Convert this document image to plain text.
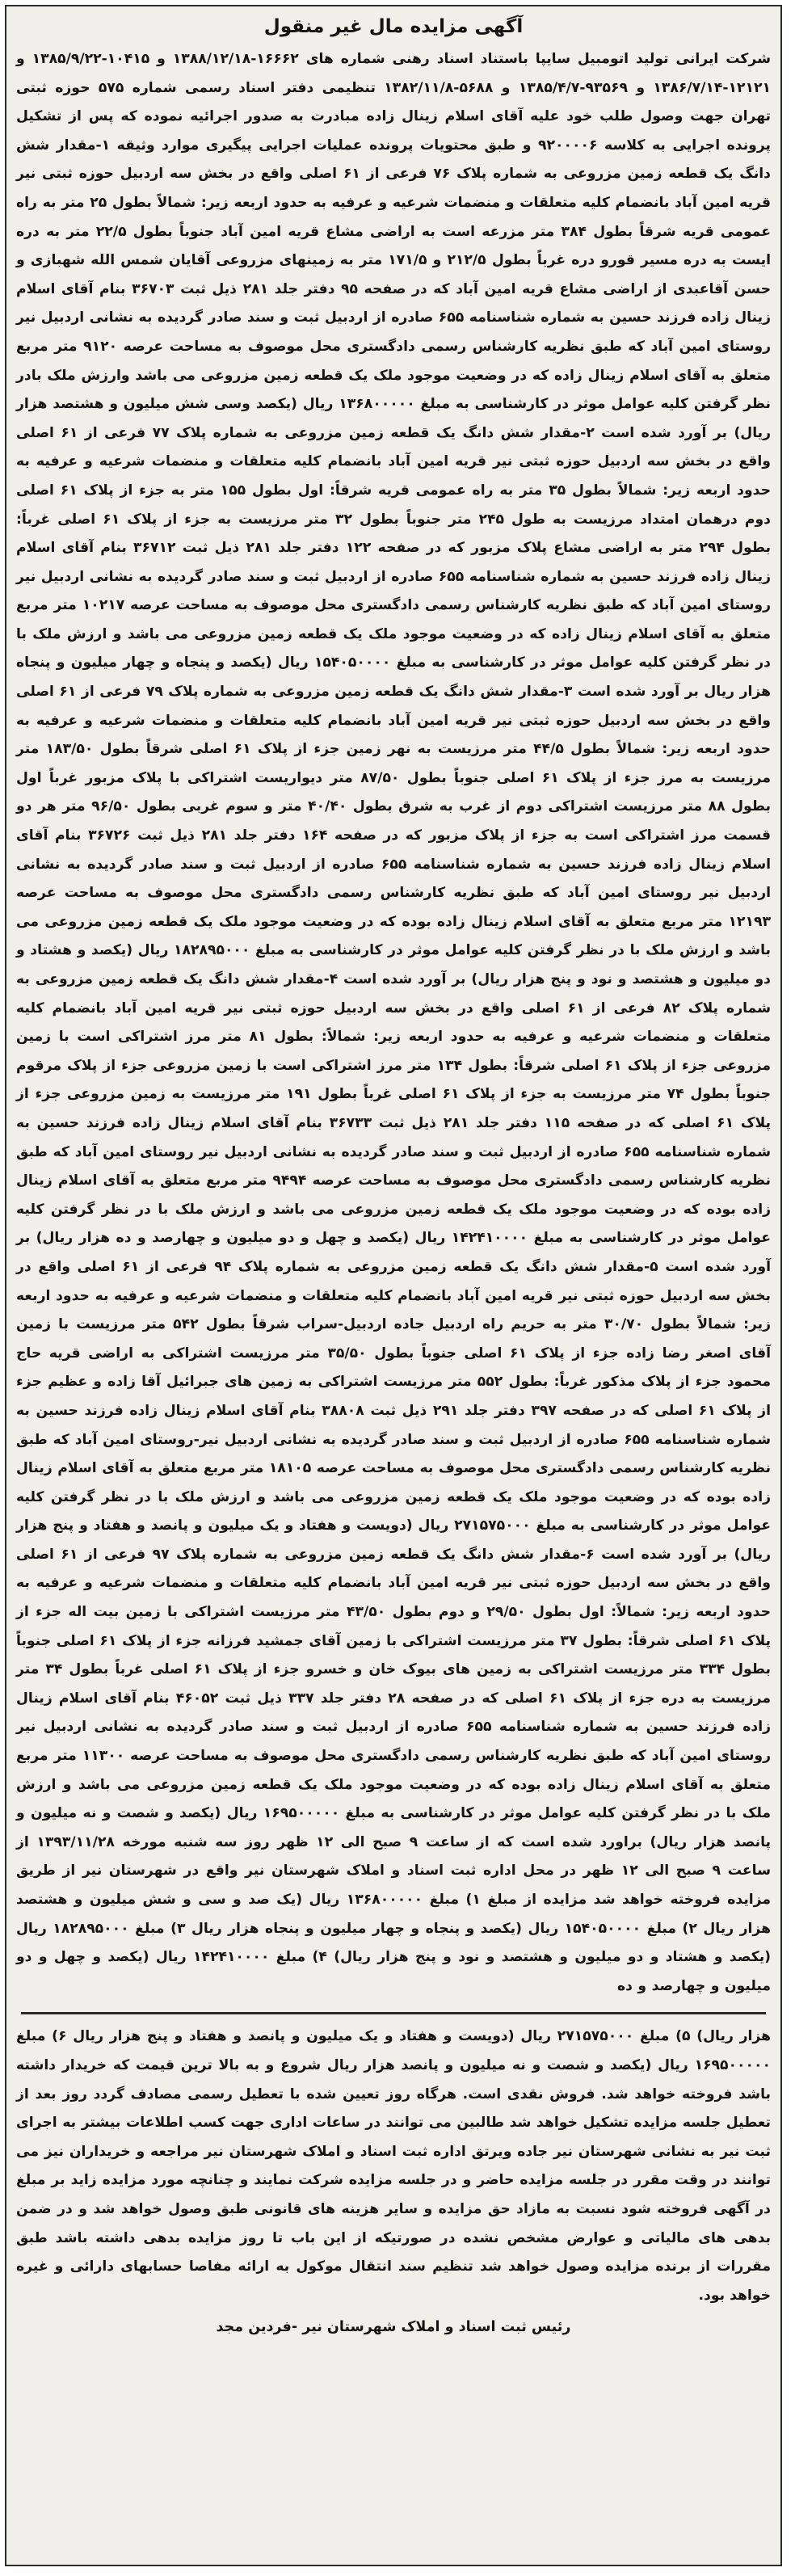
آگهی مزایده مال غیر منقول

شرکت ایرانی تولید اتومبیل سایپا باستناد اسناد رهنی شماره های ۱۶۶۶۲-۱۳۸۸/۱۲/۱۸ و ۱۰۴۱۵-۱۳۸۵/۹/۲۲ و ۱۲۱۲۱-۱۳۸۶/۷/۱۴ و ۹۳۵۶۹-۱۳۸۵/۴/۷ و ۵۶۸۸-۱۳۸۲/۱۱/۸ تنظیمی دفتر اسناد رسمی شماره ۵۷۵ حوزه ثبتی تهران جهت وصول طلب خود علیه آقای اسلام زینال زاده مبادرت به صدور اجرائیه نموده که پس از تشکیل پرونده اجرایی به کلاسه ۹۲۰۰۰۰۶ و طبق محتویات پرونده عملیات اجرایی پیگیری موارد وثیقه ۱-مقدار شش دانگ یک قطعه زمین مزروعی به شماره پلاک ۷۶ فرعی از ۶۱ اصلی واقع در بخش سه اردبیل حوزه ثبتی نیر قریه امین آباد بانضمام کلیه متعلقات و منضمات شرعیه و عرفیه به حدود اربعه زیر: شمالاً بطول ۲۵ متر به راه عمومی قریه شرقاً بطول ۳۸۴ متر مزرعه است به اراضی مشاع قریه امین آباد جنوباً بطول ۲۲/۵ متر به دره ایست به دره مسیر قورو دره غرباً بطول ۲۱۲/۵ و ۱۷۱/۵ متر به زمینهای مزروعی آقایان شمس الله شهبازی و حسن آقاعبدی از اراضی مشاع قریه امین آباد که در صفحه ۹۵ دفتر جلد ۲۸۱ ذیل ثبت ۳۶۷۰۳ بنام آقای اسلام زینال زاده فرزند حسین به شماره شناسنامه ۶۵۵ صادره از اردبیل ثبت و سند صادر گردیده به نشانی اردبیل نیر روستای امین آباد که طبق نظریه کارشناس رسمی دادگستری محل موصوف به مساحت عرصه ۹۱۲۰ متر مربع متعلق به آقای اسلام زینال زاده که در وضعیت موجود ملک یک قطعه زمین مزروعی می باشد وارزش ملک بادر نظر گرفتن کلیه عوامل موثر در کارشناسی به مبلغ ۱۳۶۸۰۰۰۰۰ ریال (یکصد وسی شش میلیون و هشتصد هزار ریال) بر آورد شده است ۲-مقدار شش دانگ یک قطعه زمین مزروعی به شماره پلاک ۷۷ فرعی از ۶۱ اصلی واقع در بخش سه اردبیل حوزه ثبتی نیر قریه امین آباد بانضمام کلیه متعلقات و منضمات شرعیه و عرفیه به حدود اربعه زیر: شمالاً بطول ۳۵ متر به راه عمومی قریه شرقاً: اول بطول ۱۵۵ متر به جزء از پلاک ۶۱ اصلی دوم درهمان امتداد مرزیست به طول ۲۴۵ متر جنوباً بطول ۳۲ متر مرزیست به جزء از پلاک ۶۱ اصلی غرباً: بطول ۲۹۴ متر به اراضی مشاع پلاک مزبور که در صفحه ۱۲۲ دفتر جلد ۲۸۱ ذیل ثبت ۳۶۷۱۲ بنام آقای اسلام زینال زاده فرزند حسین به شماره شناسنامه ۶۵۵ صادره از اردبیل ثبت و سند صادر گردیده به نشانی اردبیل نیر روستای امین آباد که طبق نظریه کارشناس رسمی دادگستری محل موصوف به مساحت عرصه ۱۰۲۱۷ متر مربع متعلق به آقای اسلام زینال زاده که در وضعیت موجود ملک یک قطعه زمین مزروعی می باشد و ارزش ملک با در نظر گرفتن کلیه عوامل موثر در کارشناسی به مبلغ ۱۵۴۰۵۰۰۰۰ ریال (یکصد و پنجاه و چهار میلیون و پنجاه هزار ریال بر آورد شده است ۳-مقدار شش دانگ یک قطعه زمین مزروعی به شماره پلاک ۷۹ فرعی از ۶۱ اصلی واقع در بخش سه اردبیل حوزه ثبتی نیر قریه امین آباد بانضمام کلیه متعلقات و منضمات شرعیه و عرفیه به حدود اربعه زیر: شمالاً بطول ۴۴/۵ متر مرزیست به نهر زمین جزء از پلاک ۶۱ اصلی شرقاً بطول ۱۸۳/۵۰ متر مرزیست به مرز جزء از پلاک ۶۱ اصلی جنوباً بطول ۸۷/۵۰ متر دیواریست اشتراکی با پلاک مزبور غرباً اول بطول ۸۸ متر مرزیست اشتراکی دوم از غرب به شرق بطول ۴۰/۴۰ متر و سوم غربی بطول ۹۶/۵۰ متر هر دو قسمت مرز اشتراکی است به جزء از پلاک مزبور که در صفحه ۱۶۴ دفتر جلد ۲۸۱ ذیل ثبت ۳۶۷۲۶ بنام آقای اسلام زینال زاده فرزند حسین به شماره شناسنامه ۶۵۵ صادره از اردبیل ثبت و سند صادر گردیده به نشانی اردبیل نیر روستای امین آباد که طبق نظریه کارشناس رسمی دادگستری محل موصوف به مساحت عرصه ۱۲۱۹۳ متر مربع متعلق به آقای اسلام زینال زاده بوده که در وضعیت موجود ملک یک قطعه زمین مزروعی می باشد و ارزش ملک با در نظر گرفتن کلیه عوامل موثر در کارشناسی به مبلغ ۱۸۲۸۹۵۰۰۰ ریال (یکصد و هشتاد و دو میلیون و هشتصد و نود و پنج هزار ریال) بر آورد شده است ۴-مقدار شش دانگ یک قطعه زمین مزروعی به شماره پلاک ۸۲ فرعی از ۶۱ اصلی واقع در بخش سه اردبیل حوزه ثبتی نیر قریه امین آباد بانضمام کلیه متعلقات و منضمات شرعیه و عرفیه به حدود اربعه زیر: شمالاً: بطول ۸۱ متر مرز اشتراکی است با زمین مزروعی جزء از پلاک ۶۱ اصلی شرقاً: بطول ۱۳۴ متر مرز اشتراکی است با زمین مزروعی جزء از پلاک مرقوم جنوباً بطول ۷۴ متر مرزیست به جزء از پلاک ۶۱ اصلی غرباً بطول ۱۹۱ متر مرزیست به زمین مزروعی جزء از پلاک ۶۱ اصلی که در صفحه ۱۱۵ دفتر جلد ۲۸۱ ذیل ثبت ۳۶۷۳۳ بنام آقای اسلام زینال زاده فرزند حسین به شماره شناسنامه ۶۵۵ صادره از اردبیل ثبت و سند صادر گردیده به نشانی اردبیل نیر روستای امین آباد که طبق نظریه کارشناس رسمی دادگستری محل موصوف به مساحت عرصه ۹۴۹۴ متر مربع متعلق به آقای اسلام زینال زاده بوده که در وضعیت موجود ملک یک قطعه زمین مزروعی می باشد و ارزش ملک با در نظر گرفتن کلیه عوامل موثر در کارشناسی به مبلغ ۱۴۲۴۱۰۰۰۰ ریال (یکصد و چهل و دو میلیون و چهارصد و ده هزار ریال) بر آورد شده است ۵-مقدار شش دانگ یک قطعه زمین مزروعی به شماره پلاک ۹۴ فرعی از ۶۱ اصلی واقع در بخش سه اردبیل حوزه ثبتی نیر قریه امین آباد بانضمام کلیه متعلقات و منضمات شرعیه و عرفیه به حدود اربعه زیر: شمالاً بطول ۳۰/۷۰ متر به حریم راه اردبیل جاده اردبیل-سراب شرقاً بطول ۵۴۲ متر مرزیست با زمین آقای اصغر رضا زاده جزء از پلاک ۶۱ اصلی جنوباً بطول ۳۵/۵۰ متر مرزیست اشتراکی به اراضی قریه حاج محمود جزء از پلاک مذکور غرباً: بطول ۵۵۲ متر مرزیست اشتراکی به زمین های جبرائیل آقا زاده و عظیم جزء از پلاک ۶۱ اصلی که در صفحه ۳۹۷ دفتر جلد ۲۹۱ ذیل ثبت ۳۸۸۰۸ بنام آقای اسلام زینال زاده فرزند حسین به شماره شناسنامه ۶۵۵ صادره از اردبیل ثبت و سند صادر گردیده به نشانی اردبیل نیر-روستای امین آباد که طبق نظریه کارشناس رسمی دادگستری محل موصوف به مساحت عرصه ۱۸۱۰۵ متر مربع متعلق به آقای اسلام زینال زاده بوده که در وضعیت موجود ملک یک قطعه زمین مزروعی می باشد و ارزش ملک با در نظر گرفتن کلیه عوامل موثر در کارشناسی به مبلغ ۲۷۱۵۷۵۰۰۰ ریال (دویست و هفتاد و یک میلیون و پانصد و هفتاد و پنج هزار ریال) بر آورد شده است ۶-مقدار شش دانگ یک قطعه زمین مزروعی به شماره پلاک ۹۷ فرعی از ۶۱ اصلی واقع در بخش سه اردبیل حوزه ثبتی نیر قریه امین آباد بانضمام کلیه متعلقات و منضمات شرعیه و عرفیه به حدود اربعه زیر: شمالاً: اول بطول ۲۹/۵۰ و دوم بطول ۴۳/۵۰ متر مرزیست اشتراکی با زمین بیت اله جزء از پلاک ۶۱ اصلی شرقاً: بطول ۳۷ متر مرزیست اشتراکی با زمین آقای جمشید فرزانه جزء از پلاک ۶۱ اصلی جنوباً بطول ۳۳۴ متر مرزیست اشتراکی به زمین های بیوک خان و خسرو جزء از پلاک ۶۱ اصلی غرباً بطول ۳۴ متر مرزیست به دره جزء از پلاک ۶۱ اصلی که در صفحه ۲۸ دفتر جلد ۳۳۷ ذیل ثبت ۴۶۰۵۲ بنام آقای اسلام زینال زاده فرزند حسین به شماره شناسنامه ۶۵۵ صادره از اردبیل ثبت و سند صادر گردیده به نشانی اردبیل نیر روستای امین آباد که طبق نظریه کارشناس رسمی دادگستری محل موصوف به مساحت عرصه ۱۱۳۰۰ متر مربع متعلق به آقای اسلام زینال زاده بوده که در وضعیت موجود ملک یک قطعه زمین مزروعی می باشد و ارزش ملک با در نظر گرفتن کلیه عوامل موثر در کارشناسی به مبلغ ۱۶۹۵۰۰۰۰۰ ریال (یکصد و شصت و نه میلیون و پانصد هزار ریال) براورد شده است که از ساعت ۹ صبح الی ۱۲ ظهر روز سه شنبه مورخه ۱۳۹۳/۱۱/۲۸ از ساعت ۹ صبح الی ۱۲ ظهر در محل اداره ثبت اسناد و املاک شهرستان نیر واقع در شهرستان نیر از طریق مزایده فروخته خواهد شد مزایده از مبلغ ۱) مبلغ ۱۳۶۸۰۰۰۰۰ ریال (یک صد و سی و شش میلیون و هشتصد هزار ریال ۲) مبلغ ۱۵۴۰۵۰۰۰۰ ریال (یکصد و پنجاه و چهار میلیون و پنجاه هزار ریال ۳) مبلغ ۱۸۲۸۹۵۰۰۰ ریال (یکصد و هشتاد و دو میلیون و هشتصد و نود و پنج هزار ریال) ۴) مبلغ ۱۴۲۴۱۰۰۰۰ ریال (یکصد و چهل و دو میلیون و چهارصد و ده

هزار ریال) ۵) مبلغ ۲۷۱۵۷۵۰۰۰ ریال (دویست و هفتاد و یک میلیون و پانصد و هفتاد و پنج هزار ریال ۶) مبلغ ۱۶۹۵۰۰۰۰۰ ریال (یکصد و شصت و نه میلیون و پانصد هزار ریال شروع و به بالا ترین قیمت که خریدار داشته باشد فروخته خواهد شد. فروش نقدی است. هرگاه روز تعیین شده با تعطیل رسمی مصادف گردد روز بعد از تعطیل جلسه مزایده تشکیل خواهد شد طالبین می توانند در ساعات اداری جهت کسب اطلاعات بیشتر به اجرای ثبت نیر به نشانی شهرستان نیر جاده ویرتق اداره ثبت اسناد و املاک شهرستان نیر مراجعه و خریداران نیز می توانند در وقت مقرر در جلسه مزایده حاضر و در جلسه مزایده شرکت نمایند و چنانچه مورد مزایده زاید بر مبلغ در آگهی فروخته شود نسبت به مازاد حق مزایده و سایر هزینه های قانونی طبق وصول خواهد شد و در ضمن بدهی های مالیاتی و عوارض مشخص نشده در صورتیکه از این باب تا روز مزایده بدهی داشته باشد طبق مقررات از برنده مزایده وصول خواهد شد تنظیم سند انتقال موکول به ارائه مفاصا حسابهای دارائی و غیره خواهد بود.

رئیس ثبت اسناد و املاک شهرستان نیر -فردین مجد
